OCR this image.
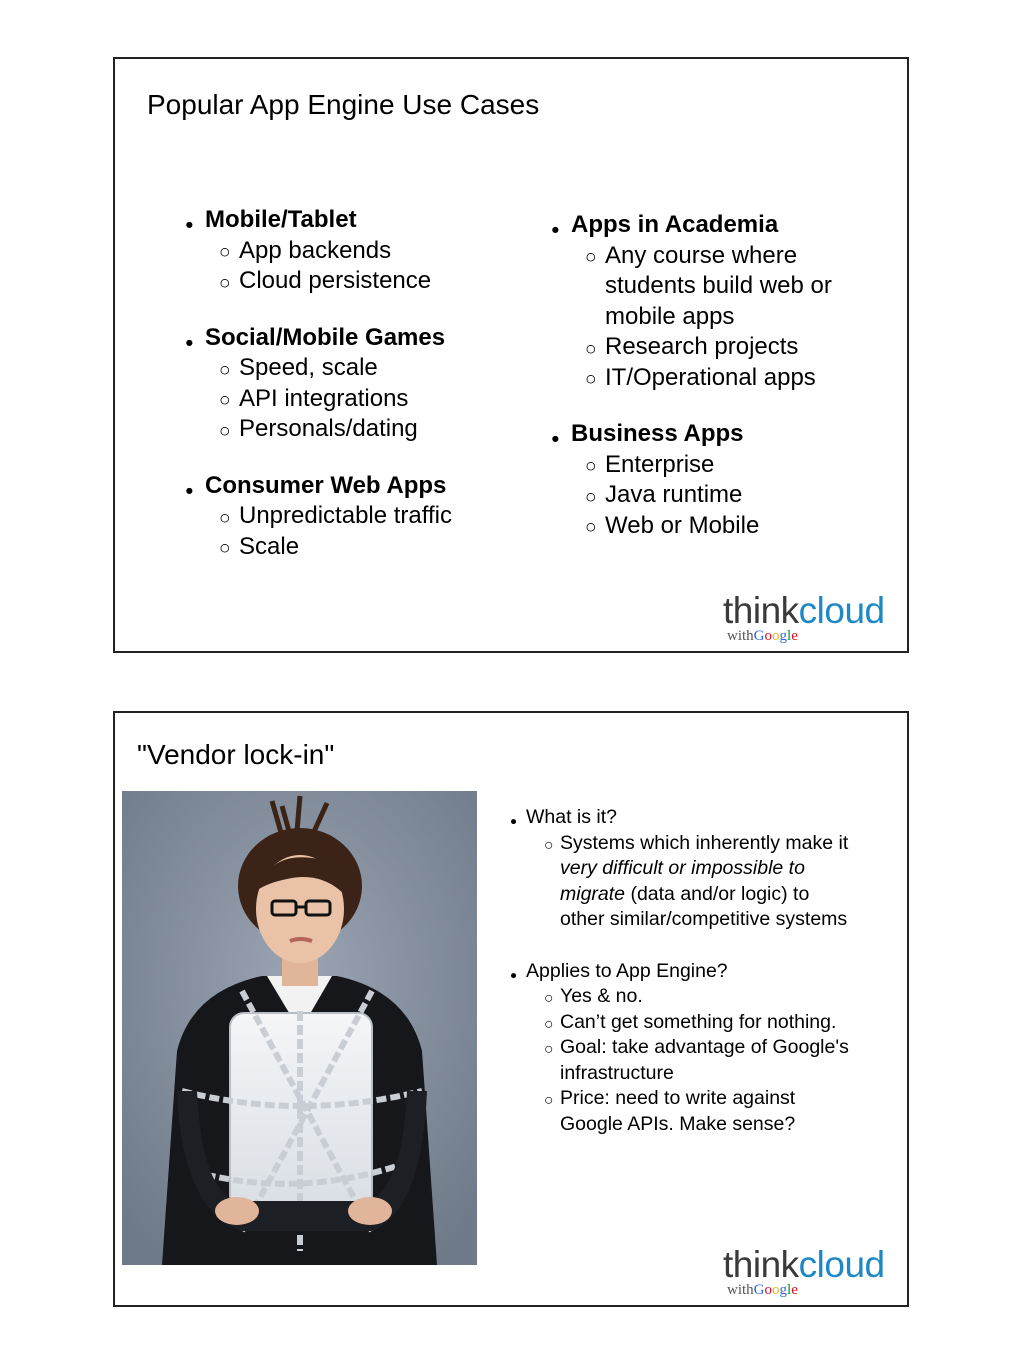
Popular App Engine Use Cases
● Mobile/Tablet
○ App backends
○ Cloud persistence
● Social/Mobile Games
○ Speed, scale
○ API integrations
○ Personals/dating
● Consumer Web Apps
○ Unpredictable traffic
○ Scale
● Apps in Academia
○ Any course where students build web or mobile apps
○ Research projects
○ IT/Operational apps
● Business Apps
○ Enterprise
○ Java runtime
○ Web or Mobile
thinkcloud
withGoogle
"Vendor lock-in"
● What is it?
○ Systems which inherently make it very difficult or impossible to migrate (data and/or logic) to other similar/competitive systems
● Applies to App Engine?
○ Yes & no.
○ Can’t get something for nothing.
○ Goal: take advantage of Google's infrastructure
○ Price: need to write against Google APIs. Make sense?
thinkcloud
withGoogle
